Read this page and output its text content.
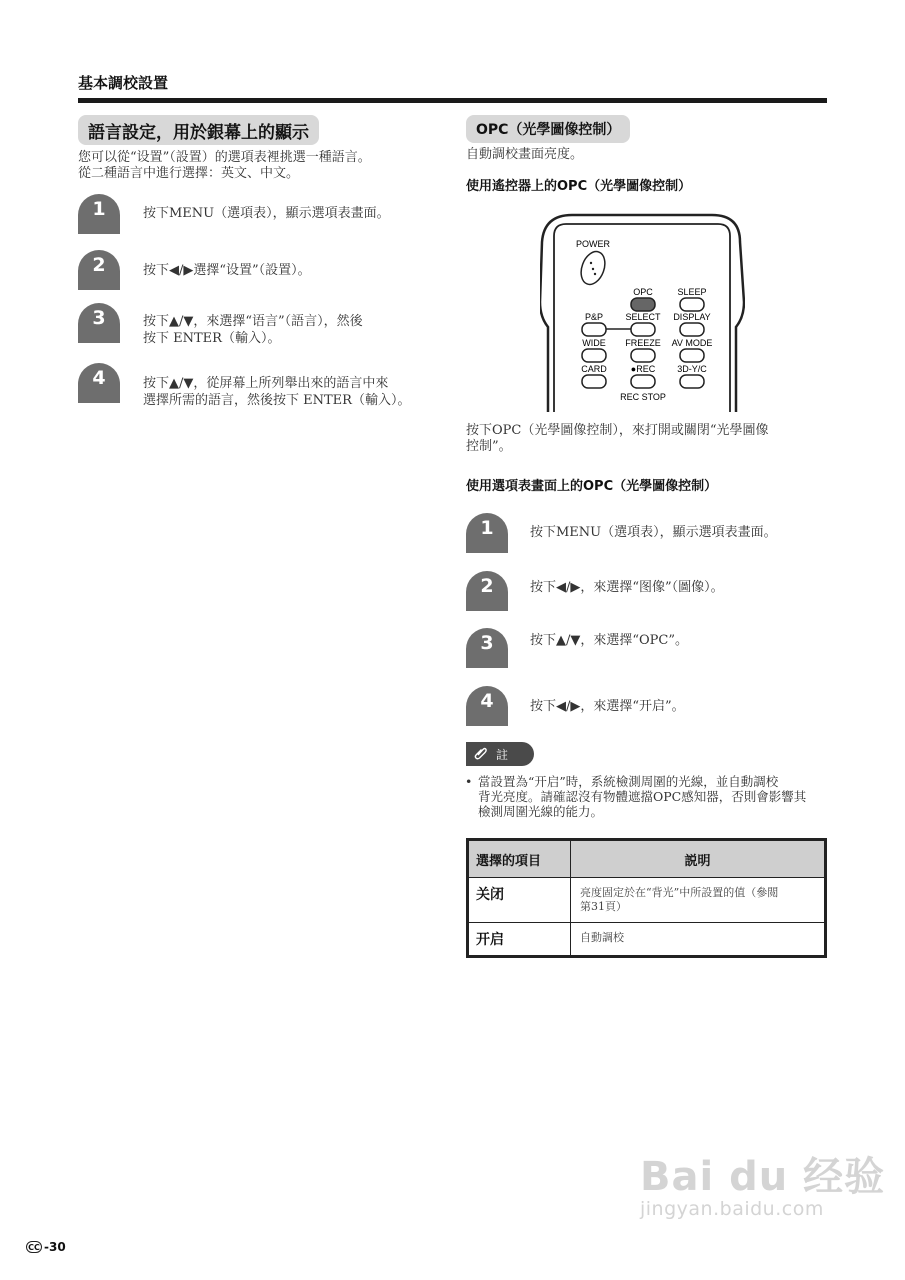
基本調校設置
語言設定，用於銀幕上的顯示
您可以從“设置”（設置）的選項表裡挑選一種語言。
從二種語言中進行選擇：英文、中文。
1	按下MENU（選項表），顯示選項表畫面。
2	按下◀/▶選擇“设置”（設置）。
3	按下▲/▼，來選擇“语言”（語言），然後
按下 ENTER（輸入）。
4	按下▲/▼，從屏幕上所列舉出來的語言中來
選擇所需的語言，然後按下 ENTER（輸入）。
OPC（光學圖像控制）
自動調校畫面亮度。
使用遙控器上的OPC（光學圖像控制）
POWER
OPC	SLEEP
P&P SELECT DISPLAY
WIDE FREEZE AV MODE
CARD	●REC 3D-Y/C
REC STOP
按下OPC（光學圖像控制），來打開或關閉“光學圖像
控制”。
使用選項表畫面上的OPC（光學圖像控制）
1	按下MENU（選項表），顯示選項表畫面。
2	按下◀/▶，來選擇“图像”（圖像）。
3	按下▲/▼，來選擇“OPC”。
4	按下◀/▶，來選擇“开启”。
註
• 當設置為“开启”時，系統檢測周圍的光線，並自動調校
背光亮度。請確認沒有物體遮擋OPC感知器，否則會影響其
檢測周圍光線的能力。
選擇的項目	説明
关闭	亮度固定於在“背光”中所設置的值（參閲
第31頁）

开启	自動調校
CC -30
Bai du 经验
jingyan.baidu.com
